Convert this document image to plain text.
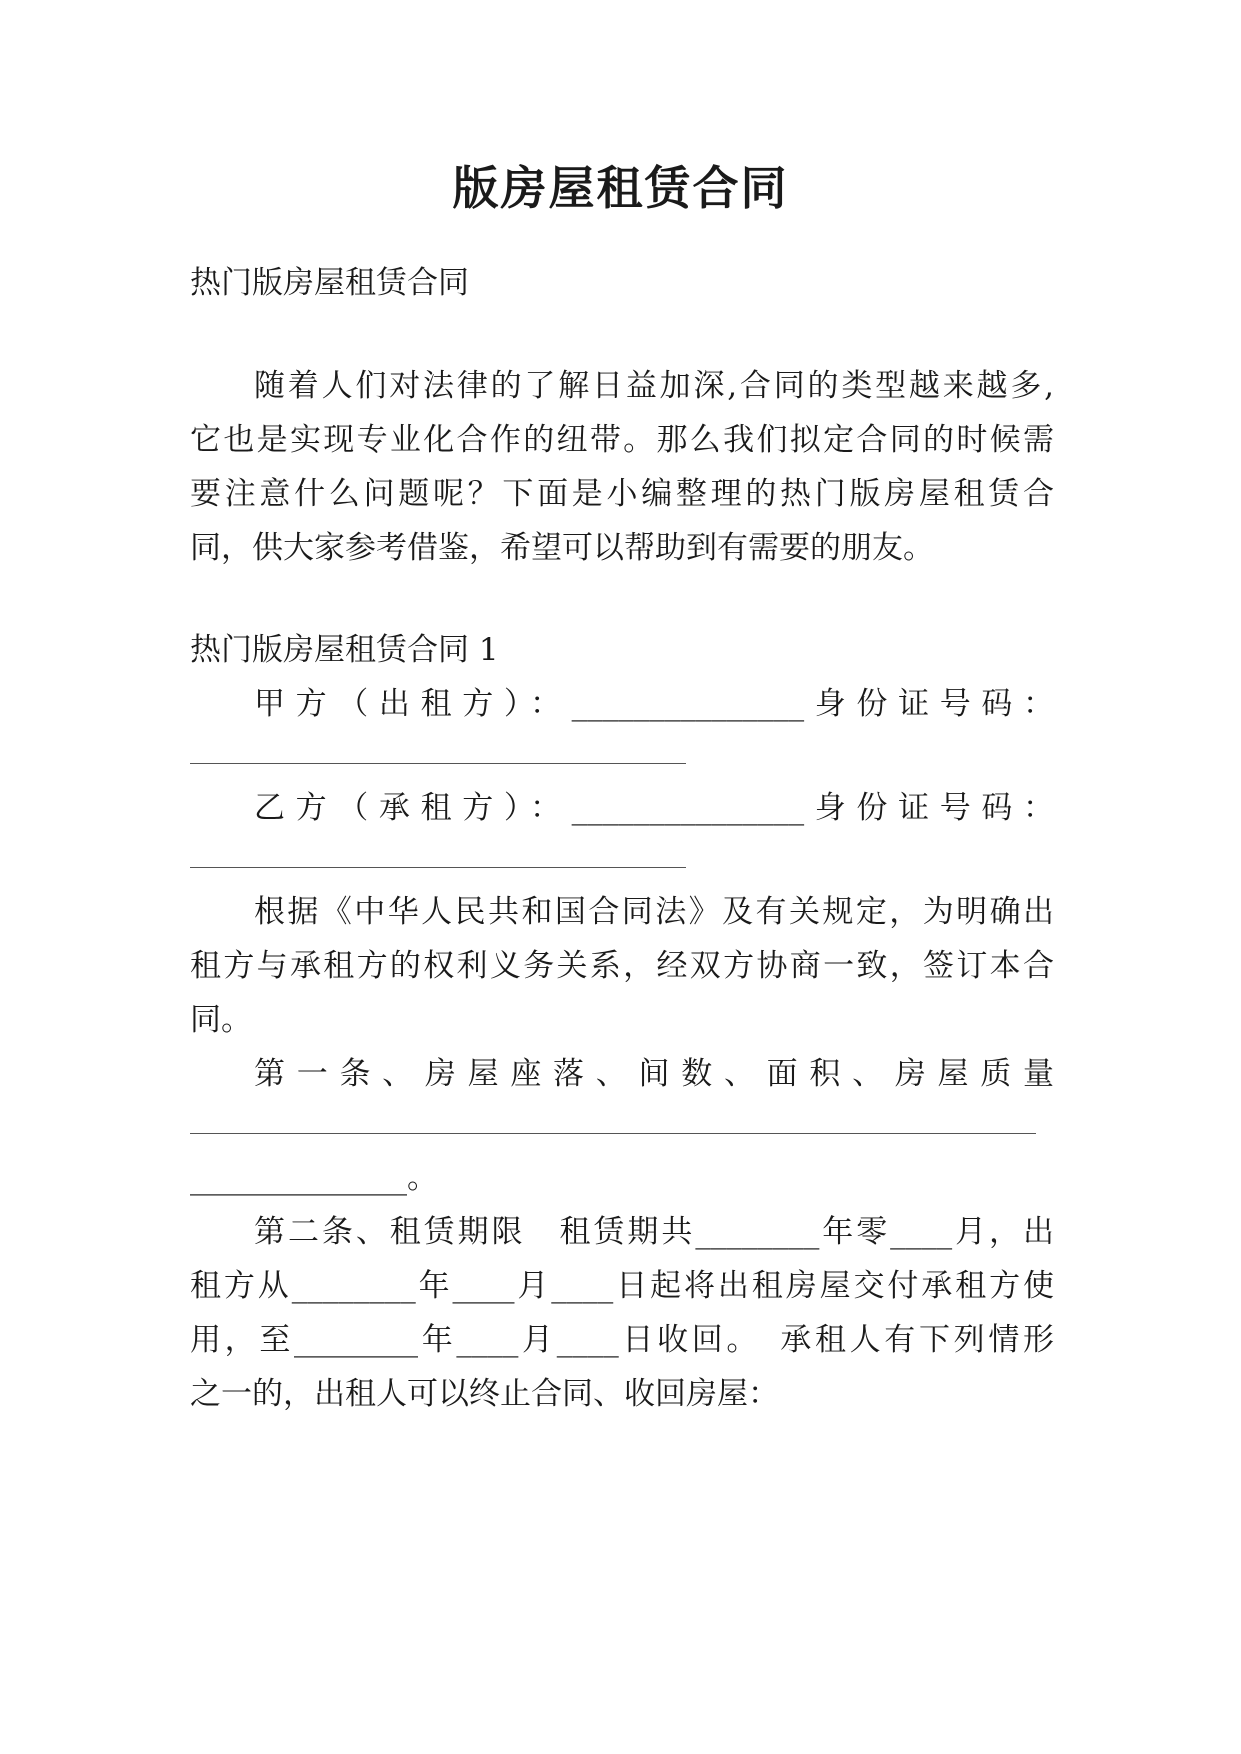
版房屋租赁合同
热门版房屋租赁合同
随着人们对法律的了解日益加深,合同的类型越来越多,
它也是实现专业化合作的纽带。那么我们拟定合同的时候需
要注意什么问题呢？下面是小编整理的热门版房屋租赁合
同，供大家参考借鉴，希望可以帮助到有需要的朋友。
热门版房屋租赁合同 1
甲方（出租方）：_______________身份证号码：
乙方（承租方）：_______________身份证号码：
根据《中华人民共和国合同法》及有关规定，为明确出
租方与承租方的权利义务关系，经双方协商一致，签订本合
同。
第一条、房屋座落、间数、面积、房屋质量
______________。
第二条、租赁期限　租赁期共________年零____月，出
租方从________年____月____日起将出租房屋交付承租方使
用，至________年____月____日收回。　承租人有下列情形
之一的，出租人可以终止合同、收回房屋：
